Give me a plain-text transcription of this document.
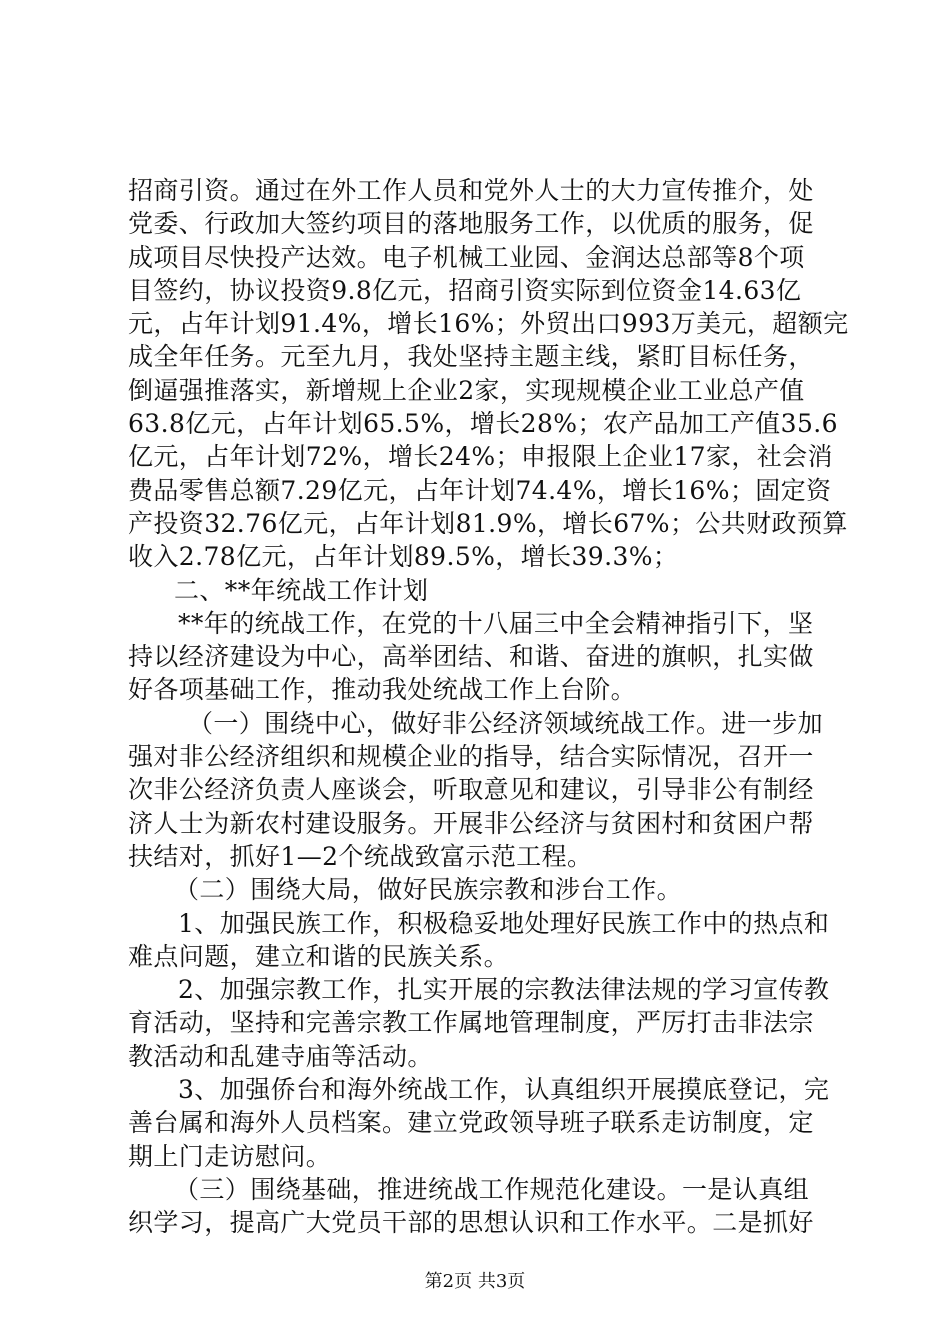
招商引资。通过在外工作人员和党外人士的大力宣传推介，处
党委、行政加大签约项目的落地服务工作，以优质的服务，促
成项目尽快投产达效。电子机械工业园、金润达总部等8个项
目签约，协议投资9.8亿元，招商引资实际到位资金14.63亿
元，占年计划91.4%，增长16%；外贸出口993万美元，超额完
成全年任务。元至九月，我处坚持主题主线，紧盯目标任务，
倒逼强推落实，新增规上企业2家，实现规模企业工业总产值
63.8亿元，占年计划65.5%，增长28%；农产品加工产值35.6
亿元，占年计划72%，增长24%；申报限上企业17家，社会消
费品零售总额7.29亿元，占年计划74.4%，增长16%；固定资
产投资32.76亿元，占年计划81.9%，增长67%；公共财政预算
收入2.78亿元，占年计划89.5%，增长39.3%；
二、**年统战工作计划
**年的统战工作，在党的十八届三中全会精神指引下，坚
持以经济建设为中心，高举团结、和谐、奋进的旗帜，扎实做
好各项基础工作，推动我处统战工作上台阶。
（一）围绕中心，做好非公经济领域统战工作。进一步加
强对非公经济组织和规模企业的指导，结合实际情况，召开一
次非公经济负责人座谈会，听取意见和建议，引导非公有制经
济人士为新农村建设服务。开展非公经济与贫困村和贫困户帮
扶结对，抓好1—2个统战致富示范工程。
（二）围绕大局，做好民族宗教和涉台工作。
1、加强民族工作，积极稳妥地处理好民族工作中的热点和
难点问题，建立和谐的民族关系。
2、加强宗教工作，扎实开展的宗教法律法规的学习宣传教
育活动，坚持和完善宗教工作属地管理制度，严厉打击非法宗
教活动和乱建寺庙等活动。
3、加强侨台和海外统战工作，认真组织开展摸底登记，完
善台属和海外人员档案。建立党政领导班子联系走访制度，定
期上门走访慰问。
（三）围绕基础，推进统战工作规范化建设。一是认真组
织学习，提高广大党员干部的思想认识和工作水平。二是抓好
第2页 共3页
